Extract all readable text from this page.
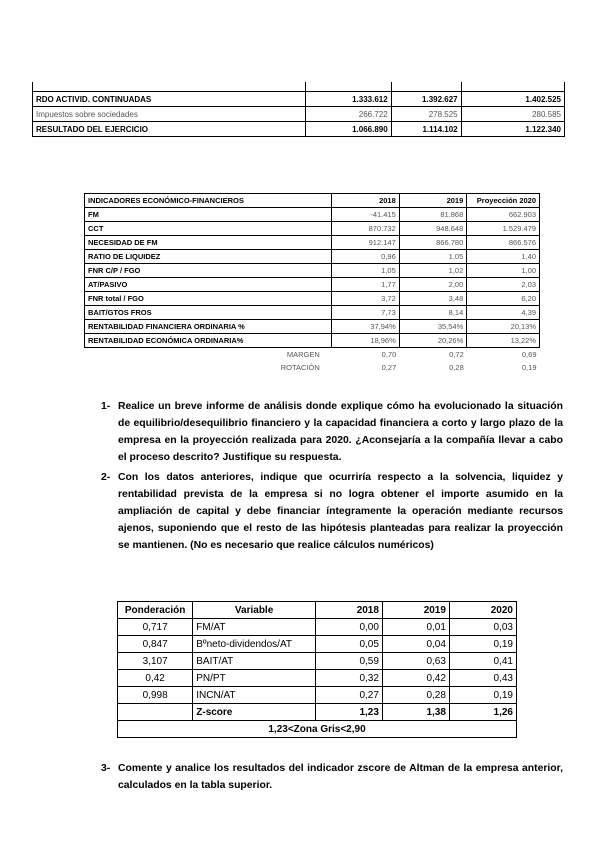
RDO ACTIVID. CONTINUADAS	1.333.612	1.392.627	1.402.525
Impuestos sobre sociedades	266.722	278.525	280.585
RESULTADO DEL EJERCICIO	1.066.890	1.114.102	1.122.340
INDICADORES ECONÓMICO-FINANCIEROS	2018	2019	Proyección 2020
FM	-41.415	81.868	662.903
CCT	870.732	948.648	1.529.479
NECESIDAD DE FM	912.147	866.780	866.576
RATIO DE LIQUIDEZ	0,96	1,05	1,40
FNR C/P / FGO	1,05	1,02	1,00
AT/PASIVO	1,77	2,00	2,03
FNR total / FGO	3,72	3,48	6,20
BAIT/GTOS FROS	7,73	8,14	4,39
RENTABILIDAD FINANCIERA ORDINARIA %	37,94%	35,54%	20,13%
RENTABILIDAD ECONÓMICA ORDINARIA%	18,96%	20,26%	13,22%
MARGEN	0,70	0,72	0,69
ROTACIÓN	0,27	0,28	0,19
1- Realice un breve informe de análisis donde explique cómo ha evolucionado la situación de equilibrio/desequilibrio financiero y la capacidad financiera a corto y largo plazo de la empresa en la proyección realizada para 2020. ¿Aconsejaría a la compañía llevar a cabo el proceso descrito? Justifique su respuesta.
2- Con los datos anteriores, indique que ocurriría respecto a la solvencia, liquidez y rentabilidad prevista de la empresa si no logra obtener el importe asumido en la ampliación de capital y debe financiar íntegramente la operación mediante recursos ajenos, suponiendo que el resto de las hipótesis planteadas para realizar la proyección se mantienen. (No es necesario que realice cálculos numéricos)
Ponderación	Variable	2018	2019	2020
0,717	FM/AT	0,00	0,01	0,03
0,847	Bºneto-dividendos/AT	0,05	0,04	0,19
3,107	BAIT/AT	0,59	0,63	0,41
0,42	PN/PT	0,32	0,42	0,43
0,998	INCN/AT	0,27	0,28	0,19
	Z-score	1,23	1,38	1,26
1,23<Zona Gris<2,90				
3- Comente y analice los resultados del indicador zscore de Altman de la empresa anterior, calculados en la tabla superior.
